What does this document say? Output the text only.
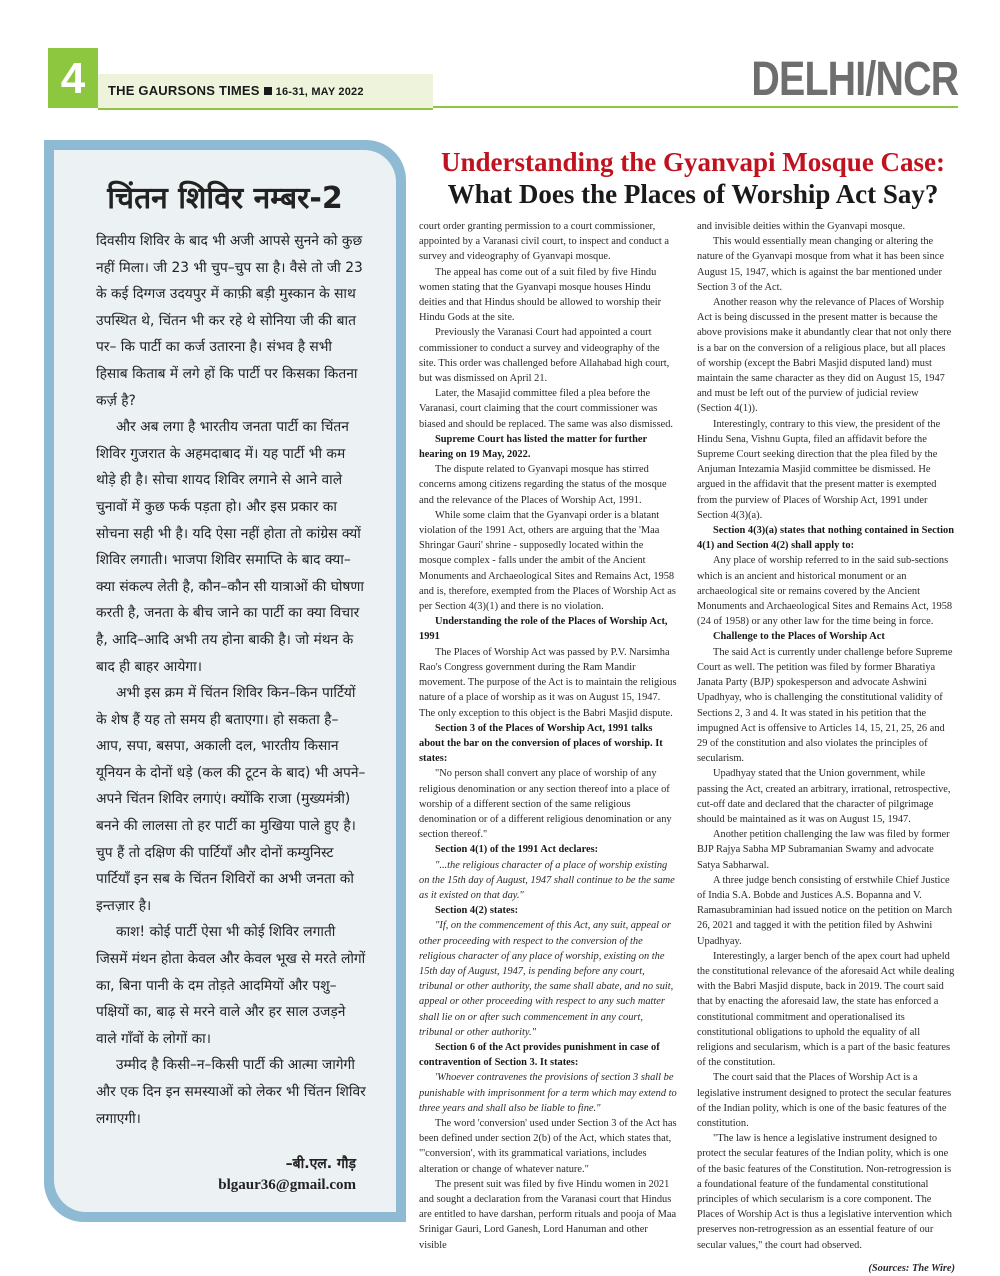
4	THE GAURSONS TIMES 16-31, MAY 2022	DELHI/NCR
चिंतन शिविर नम्बर-2

दिवसीय शिविर के बाद भी अजी आपसे सुनने को कुछ नहीं मिला। जी 23 भी चुप–चुप सा है। वैसे तो जी 23 के कई दिग्गज उदयपुर में काफ़ी बड़ी मुस्कान के साथ उपस्थित थे, चिंतन भी कर रहे थे सोनिया जी की बात पर– कि पार्टी का कर्ज उतारना है। संभव है सभी हिसाब किताब में लगे हों कि पार्टी पर किसका कितना कर्ज़ है?

और अब लगा है भारतीय जनता पार्टी का चिंतन शिविर गुजरात के अहमदाबाद में। यह पार्टी भी कम थोड़े ही है। सोचा शायद शिविर लगाने से आने वाले चुनावों में कुछ फर्क पड़ता हो। और इस प्रकार का सोचना सही भी है। यदि ऐसा नहीं होता तो कांग्रेस क्यों शिविर लगाती। भाजपा शिविर समाप्ति के बाद क्या–क्या संकल्प लेती है, कौन–कौन सी यात्राओं की घोषणा करती है, जनता के बीच जाने का पार्टी का क्या विचार है, आदि–आदि अभी तय होना बाकी है। जो मंथन के बाद ही बाहर आयेगा।

अभी इस क्रम में चिंतन शिविर किन–किन पार्टियों के शेष हैं यह तो समय ही बताएगा। हो सकता है– आप, सपा, बसपा, अकाली दल, भारतीय किसान यूनियन के दोनों धड़े (कल की टूटन के बाद) भी अपने–अपने चिंतन शिविर लगाएं। क्योंकि राजा (मुख्यमंत्री) बनने की लालसा तो हर पार्टी का मुखिया पाले हुए है। चुप हैं तो दक्षिण की पार्टियाँ और दोनों कम्युनिस्ट पार्टियाँ इन सब के चिंतन शिविरों का अभी जनता को इन्तज़ार है।

काश! कोई पार्टी ऐसा भी कोई शिविर लगाती जिसमें मंथन होता केवल और केवल भूख से मरते लोगों का, बिना पानी के दम तोड़ते आदमियों और पशु–पक्षियों का, बाढ़ से मरने वाले और हर साल उजड़ने वाले गाँवों के लोगों का।

उम्मीद है किसी–न–किसी पार्टी की आत्मा जागेगी और एक दिन इन समस्याओं को लेकर भी चिंतन शिविर लगाएगी।

–बी.एल. गौड़
blgaur36@gmail.com
Understanding the Gyanvapi Mosque Case:
What Does the Places of Worship Act Say?

court order granting permission to a court commissioner, appointed by a Varanasi civil court, to inspect and conduct a survey and videography of Gyanvapi mosque.

The appeal has come out of a suit filed by five Hindu women stating that the Gyanvapi mosque houses Hindu deities and that Hindus should be allowed to worship their Hindu Gods at the site.

Previously the Varanasi Court had appointed a court commissioner to conduct a survey and videography of the site. This order was challenged before Allahabad high court, but was dismissed on April 21.

Later, the Masajid committee filed a plea before the Varanasi, court claiming that the court commissioner was biased and should be replaced. The same was also dismissed.

Supreme Court has listed the matter for further hearing on 19 May, 2022.

The dispute related to Gyanvapi mosque has stirred concerns among citizens regarding the status of the mosque and the relevance of the Places of Worship Act, 1991.

While some claim that the Gyanvapi order is a blatant violation of the 1991 Act, others are arguing that the 'Maa Shringar Gauri' shrine - supposedly located within the mosque complex - falls under the ambit of the Ancient Monuments and Archaeological Sites and Remains Act, 1958 and is, therefore, exempted from the Places of Worship Act as per Section 4(3)(1) and there is no violation.

Understanding the role of the Places of Worship Act, 1991

The Places of Worship Act was passed by P.V. Narsimha Rao's Congress government during the Ram Mandir movement. The purpose of the Act is to maintain the religious nature of a place of worship as it was on August 15, 1947. The only exception to this object is the Babri Masjid dispute.

Section 3 of the Places of Worship Act, 1991 talks about the bar on the conversion of places of worship. It states:

"No person shall convert any place of worship of any religious denomination or any section thereof into a place of worship of a different section of the same religious denomination or of a different religious denomination or any section thereof."

Section 4(1) of the 1991 Act declares:

"...the religious character of a place of worship existing on the 15th day of August, 1947 shall continue to be the same as it existed on that day."

Section 4(2) states:

"If, on the commencement of this Act, any suit, appeal or other proceeding with respect to the conversion of the religious character of any place of worship, existing on the 15th day of August, 1947, is pending before any court, tribunal or other authority, the same shall abate, and no suit, appeal or other proceeding with respect to any such matter shall lie on or after such commencement in any court, tribunal or other authority."

Section 6 of the Act provides punishment in case of contravention of Section 3. It states:

'Whoever contravenes the provisions of section 3 shall be punishable with imprisonment for a term which may extend to three years and shall also be liable to fine."

The word 'conversion' used under Section 3 of the Act has been defined under section 2(b) of the Act, which states that, "'conversion', with its grammatical variations, includes alteration or change of whatever nature."

The present suit was filed by five Hindu women in 2021 and sought a declaration from the Varanasi court that Hindus are entitled to have darshan, perform rituals and pooja of Maa Srinigar Gauri, Lord Ganesh, Lord Hanuman and other visible

and invisible deities within the Gyanvapi mosque.

This would essentially mean changing or altering the nature of the Gyanvapi mosque from what it has been since August 15, 1947, which is against the bar mentioned under Section 3 of the Act.

Another reason why the relevance of Places of Worship Act is being discussed in the present matter is because the above provisions make it abundantly clear that not only there is a bar on the conversion of a religious place, but all places of worship (except the Babri Masjid disputed land) must maintain the same character as they did on August 15, 1947 and must be left out of the purview of judicial review (Section 4(1)).

Interestingly, contrary to this view, the president of the Hindu Sena, Vishnu Gupta, filed an affidavit before the Supreme Court seeking direction that the plea filed by the Anjuman Intezamia Masjid committee be dismissed. He argued in the affidavit that the present matter is exempted from the purview of Places of Worship Act, 1991 under Section 4(3)(a).

Section 4(3)(a) states that nothing contained in Section 4(1) and Section 4(2) shall apply to:

Any place of worship referred to in the said sub-sections which is an ancient and historical monument or an archaeological site or remains covered by the Ancient Monuments and Archaeological Sites and Remains Act, 1958 (24 of 1958) or any other law for the time being in force.

Challenge to the Places of Worship Act

The said Act is currently under challenge before Supreme Court as well. The petition was filed by former Bharatiya Janata Party (BJP) spokesperson and advocate Ashwini Upadhyay, who is challenging the constitutional validity of Sections 2, 3 and 4. It was stated in his petition that the impugned Act is offensive to Articles 14, 15, 21, 25, 26 and 29 of the constitution and also violates the principles of secularism.

Upadhyay stated that the Union government, while passing the Act, created an arbitrary, irrational, retrospective, cut-off date and declared that the character of pilgrimage should be maintained as it was on August 15, 1947.

Another petition challenging the law was filed by former BJP Rajya Sabha MP Subramanian Swamy and advocate Satya Sabharwal.

A three judge bench consisting of erstwhile Chief Justice of India S.A. Bobde and Justices A.S. Bopanna and V. Ramasubraminian had issued notice on the petition on March 26, 2021 and tagged it with the petition filed by Ashwini Upadhyay.

Interestingly, a larger bench of the apex court had upheld the constitutional relevance of the aforesaid Act while dealing with the Babri Masjid dispute, back in 2019. The court said that by enacting the aforesaid law, the state has enforced a constitutional commitment and operationalised its constitutional obligations to uphold the equality of all religions and secularism, which is a part of the basic features of the constitution.

The court said that the Places of Worship Act is a legislative instrument designed to protect the secular features of the Indian polity, which is one of the basic features of the constitution.

"The law is hence a legislative instrument designed to protect the secular features of the Indian polity, which is one of the basic features of the Constitution. Non-retrogression is a foundational feature of the fundamental constitutional principles of which secularism is a core component. The Places of Worship Act is thus a legislative intervention which preserves non-retrogression as an essential feature of our secular values," the court had observed.

(Sources: The Wire)
